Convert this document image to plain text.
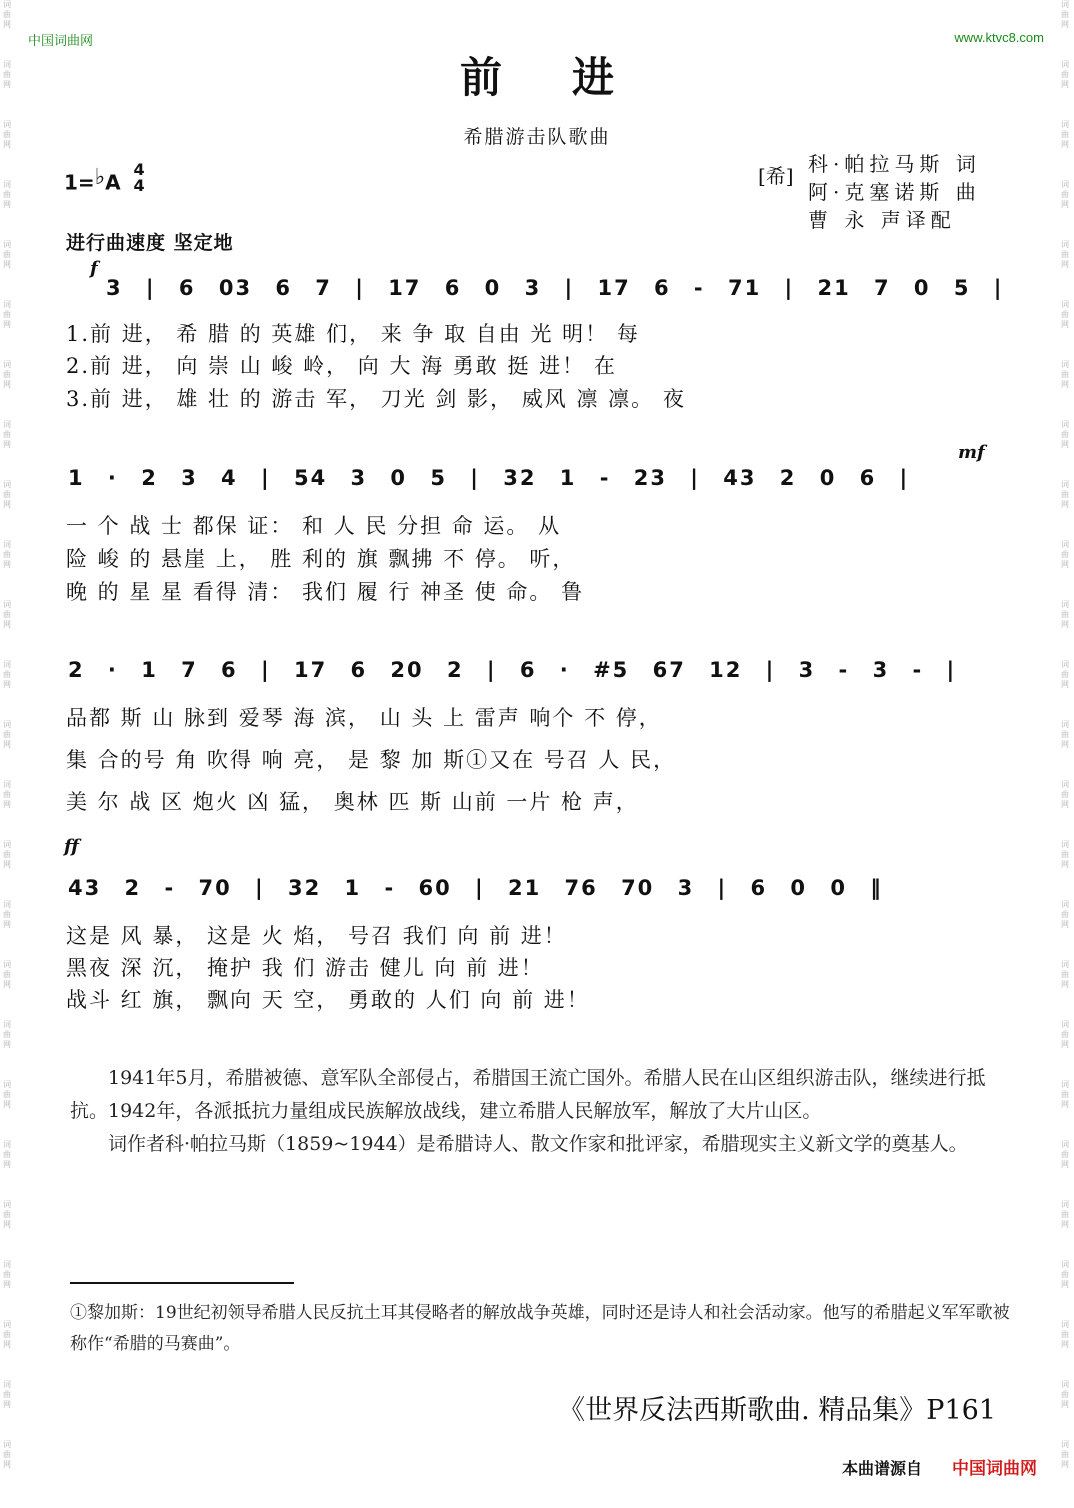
词曲网
词曲网
词曲网
词曲网
词曲网
词曲网
词曲网
词曲网
词曲网
词曲网
词曲网
词曲网
词曲网
词曲网
词曲网
词曲网
词曲网
词曲网
词曲网
词曲网
词曲网
词曲网
词曲网
词曲网
词曲网
词曲网
词曲网
词曲网
词曲网
词曲网
词曲网
词曲网
词曲网
词曲网
词曲网
词曲网
词曲网
词曲网
词曲网
词曲网
词曲网
词曲网
词曲网
词曲网
词曲网
词曲网
词曲网
词曲网
词曲网
词曲网
中国词曲网	www.ktvc8.com
前进
希腊游击队歌曲
[希] 科·帕拉马斯 词
阿·克塞诺斯 曲
曹 永 声译配
1=♭A
4
4
进行曲速度 坚定地
f
3 | 6 03 6 7 | 17 6 0 3 | 17 6 - 71 | 21 7 0 5 |
1.前 进， 希 腊 的 英雄 们， 来 争 取 自由 光 明！ 每
2.前 进， 向 崇 山 峻 岭， 向 大 海 勇敢 挺 进！ 在
3.前 进， 雄 壮 的 游击 军， 刀光 剑 影， 威风 凛 凛。 夜
mf
1 · 2 3 4 | 54 3 0 5 | 32 1 - 23 | 43 2 0 6 |
一 个 战 士 都保 证： 和 人 民 分担 命 运。 从
险 峻 的 悬崖 上， 胜 利的 旗 飘拂 不 停。 听，
晚 的 星 星 看得 清： 我们 履 行 神圣 使 命。 鲁
2 · 1 7 6 | 17 6 20 2 | 6 · #5 67 12 | 3 - 3 - |
品都 斯 山 脉到 爱琴 海 滨， 山 头 上 雷声 响个 不 停，
集 合的号 角 吹得 响 亮， 是 黎 加 斯①又在 号召 人 民，
美 尔 战 区 炮火 凶 猛， 奥林 匹 斯 山前 一片 枪 声，
ff
43 2 - 70 | 32 1 - 60 | 21 76 70 3 | 6 0 0 ‖
这是 风 暴， 这是 火 焰， 号召 我们 向 前 进！
黑夜 深 沉， 掩护 我 们 游击 健儿 向 前 进！
战斗 红 旗， 飘向 天 空， 勇敢的 人们 向 前 进！

1941年5月，希腊被德、意军队全部侵占，希腊国王流亡国外。希腊人民在山区组织游击队，继续进行抵抗。1942年，各派抵抗力量组成民族解放战线，建立希腊人民解放军，解放了大片山区。

词作者科·帕拉马斯（1859~1944）是希腊诗人、散文作家和批评家，希腊现实主义新文学的奠基人。

①黎加斯：19世纪初领导希腊人民反抗土耳其侵略者的解放战争英雄，同时还是诗人和社会活动家。他写的希腊起义军军歌被称作“希腊的马赛曲”。
《世界反法西斯歌曲. 精品集》P161
本曲谱源自 中国词曲网
